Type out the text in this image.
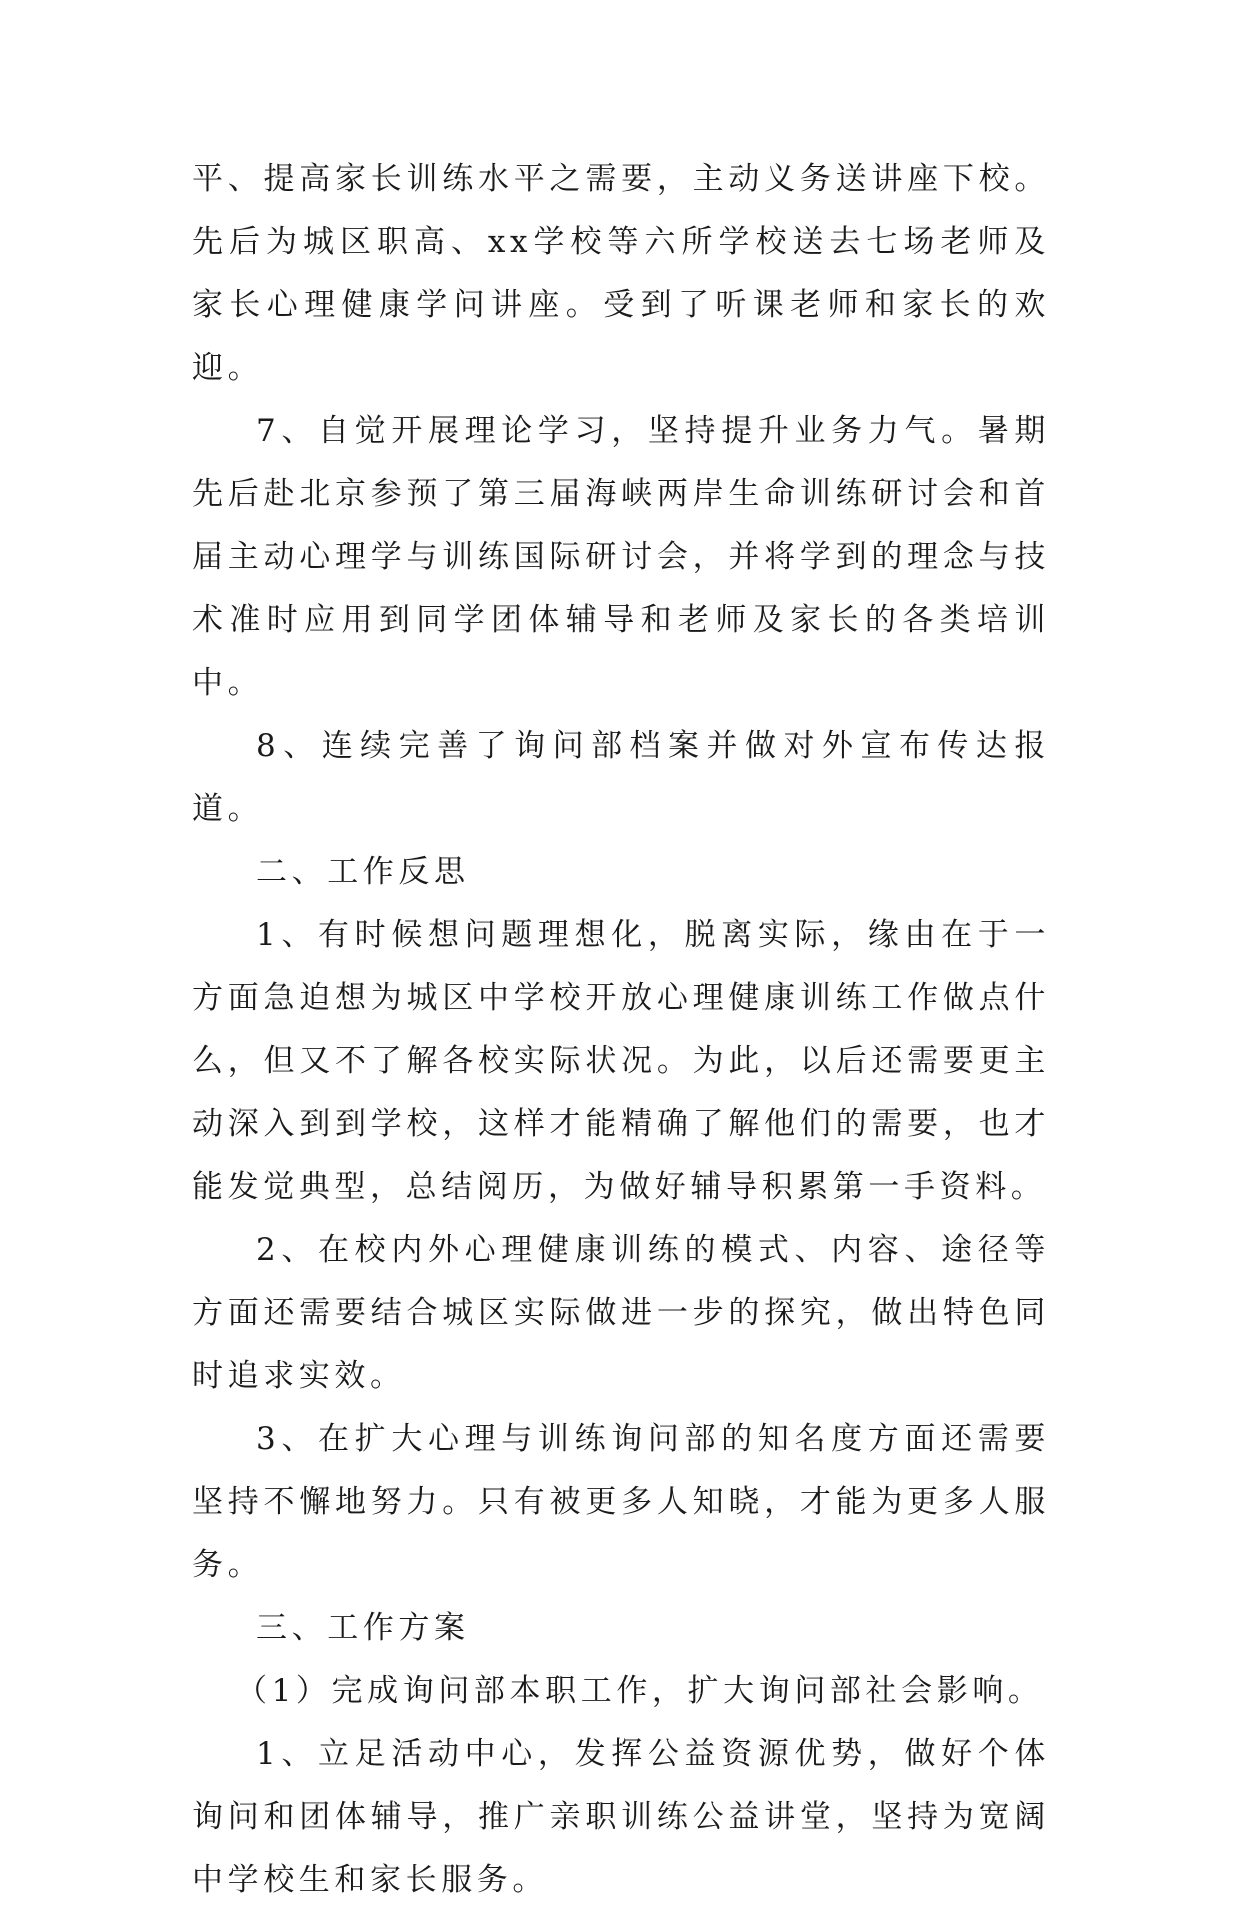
平、提高家长训练水平之需要，主动义务送讲座下校。先后为城区职高、xx学校等六所学校送去七场老师及家长心理健康学问讲座。受到了听课老师和家长的欢迎。

7、自觉开展理论学习，坚持提升业务力气。暑期先后赴北京参预了第三届海峡两岸生命训练研讨会和首届主动心理学与训练国际研讨会，并将学到的理念与技术准时应用到同学团体辅导和老师及家长的各类培训中。

8、连续完善了询问部档案并做对外宣布传达报道。

二、工作反思

1、有时候想问题理想化，脱离实际，缘由在于一方面急迫想为城区中学校开放心理健康训练工作做点什么，但又不了解各校实际状况。为此，以后还需要更主动深入到到学校，这样才能精确了解他们的需要，也才能发觉典型，总结阅历，为做好辅导积累第一手资料。

2、在校内外心理健康训练的模式、内容、途径等方面还需要结合城区实际做进一步的探究，做出特色同时追求实效。

3、在扩大心理与训练询问部的知名度方面还需要坚持不懈地努力。只有被更多人知晓，才能为更多人服务。

三、工作方案

（1）完成询问部本职工作，扩大询问部社会影响。

1、立足活动中心，发挥公益资源优势，做好个体询问和团体辅导，推广亲职训练公益讲堂，坚持为宽阔中学校生和家长服务。
